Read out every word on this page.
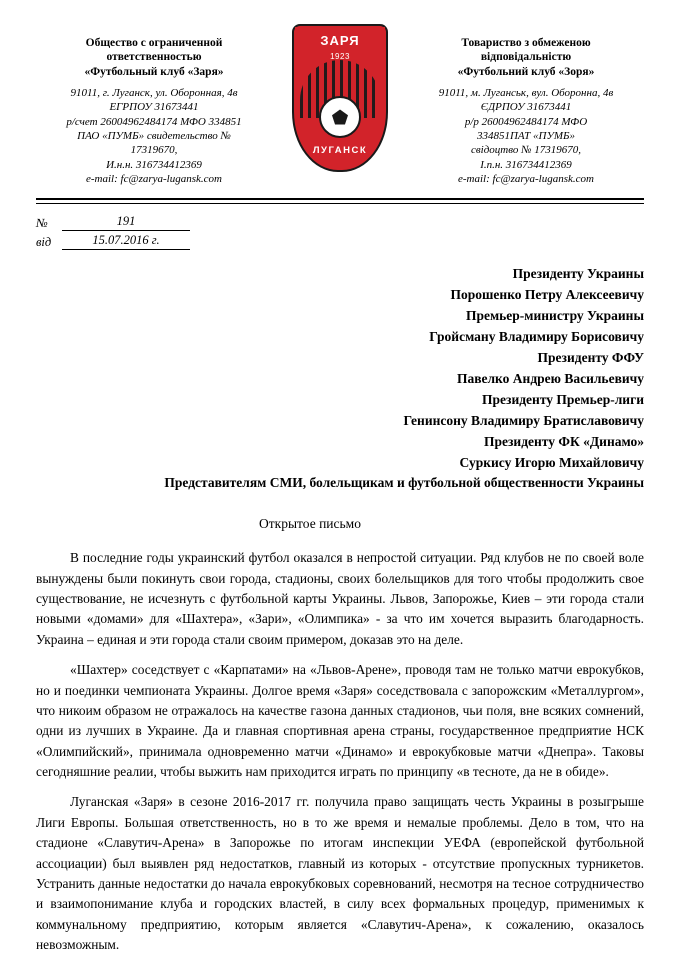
Общество с ограниченной
ответственностью
«Футбольный клуб «Заря»
91011, г. Луганск, ул. Оборонная, 4в
ЕГРПОУ 31673441
р/счет 26004962484174 МФО 334851
ПАО «ПУМБ» свидетельство №
17319670,
И.н.н. 316734412369
e-mail: fc@zarya-lugansk.com
ЗАРЯ
1923
ЛУГАНСК
Товариство з обмеженою
відповідальністю
«Футбольний клуб «Зоря»
91011, м. Луганськ, вул. Оборонна, 4в
ЄДРПОУ 31673441
р/р 26004962484174 МФО
334851ПАТ «ПУМБ»
свідоцтво № 17319670,
І.п.н. 316734412369
e-mail: fc@zarya-lugansk.com
№	191
від	15.07.2016 г.
Президенту Украины
Порошенко Петру Алексеевичу
Премьер-министру Украины
Гройсману Владимиру Борисовичу
Президенту ФФУ
Павелко Андрею Васильевичу
Президенту Премьер-лиги
Генинсону Владимиру Братиславовичу
Президенту ФК «Динамо»
Суркису Игорю Михайловичу
Представителям СМИ, болельщикам и футбольной общественности Украины
Открытое письмо

В последние годы украинский футбол оказался в непростой ситуации. Ряд клубов не по своей воле вынуждены были покинуть свои города, стадионы, своих болельщиков для того чтобы продолжить свое существование, не исчезнуть с футбольной карты Украины. Львов, Запорожье, Киев – эти города стали новыми «домами» для «Шахтера», «Зари», «Олимпика» - за что им хочется выразить благодарность. Украина – единая и эти города стали своим примером, доказав это на деле.

«Шахтер» соседствует с «Карпатами» на «Львов-Арене», проводя там не только матчи еврокубков, но и поединки чемпионата Украины. Долгое время «Заря» соседствовала с запорожским «Металлургом», что никоим образом не отражалось на качестве газона данных стадионов, чьи поля, вне всяких сомнений, одни из лучших в Украине. Да и главная спортивная арена страны, государственное предприятие НСК «Олимпийский», принимала одновременно матчи «Динамо» и еврокубковые матчи «Днепра». Таковы сегодняшние реалии, чтобы выжить нам приходится играть по принципу «в тесноте, да не в обиде».

Луганская «Заря» в сезоне 2016-2017 гг. получила право защищать честь Украины в розыгрыше Лиги Европы. Большая ответственность, но в то же время и немалые проблемы. Дело в том, что на стадионе «Славутич-Арена» в Запорожье по итогам инспекции УЕФА (европейской футбольной ассоциации) был выявлен ряд недостатков, главный из которых - отсутствие пропускных турникетов. Устранить данные недостатки до начала еврокубковых соревнований, несмотря на тесное сотрудничество и взаимопонимание клуба и городских властей, в силу всех формальных процедур, применимых к коммунальному предприятию, которым является «Славутич-Арена», к сожалению, оказалось невозможным.
